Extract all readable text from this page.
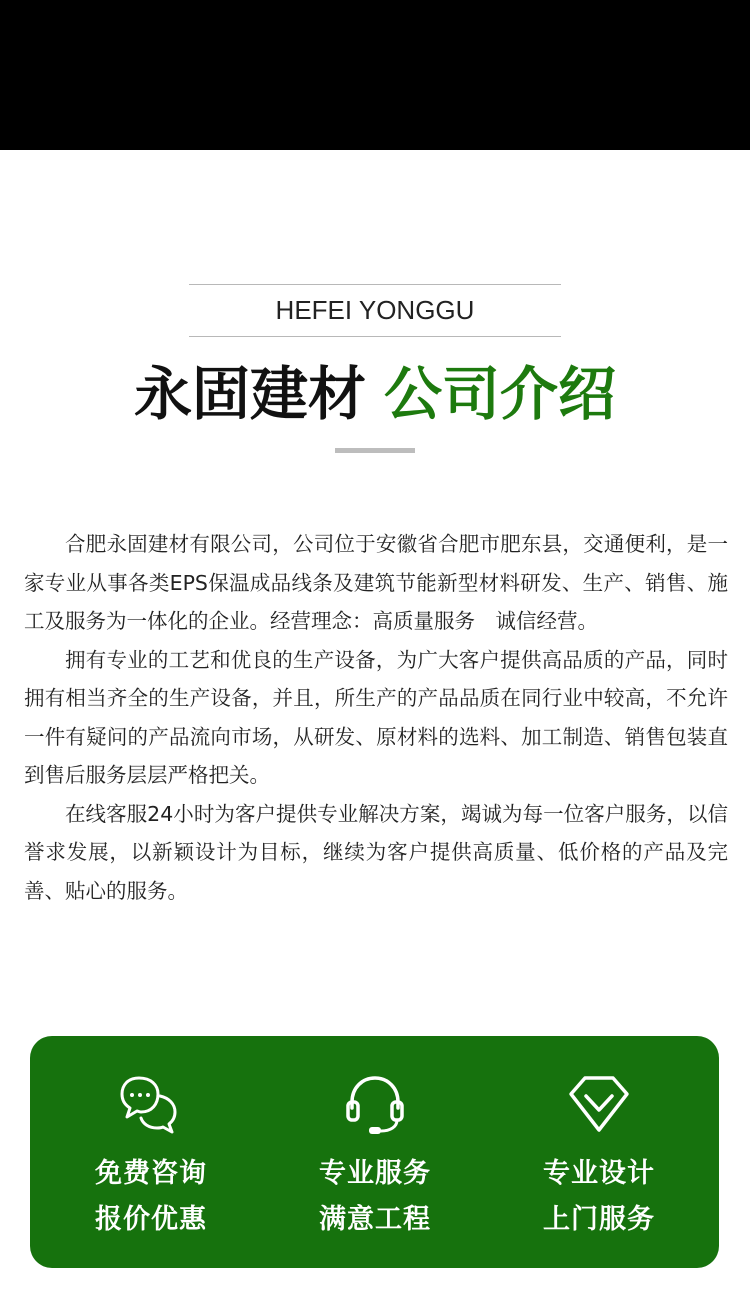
HEFEI YONGGU
永固建材 公司介绍

合肥永固建材有限公司，公司位于安徽省合肥市肥东县，交通便利，是一家专业从事各类EPS保温成品线条及建筑节能新型材料研发、生产、销售、施工及服务为一体化的企业。经营理念：高质量服务　诚信经营。

拥有专业的工艺和优良的生产设备，为广大客户提供高品质的产品，同时拥有相当齐全的生产设备，并且，所生产的产品品质在同行业中较高，不允许一件有疑问的产品流向市场，从研发、原材料的选料、加工制造、销售包装直到售后服务层层严格把关。

在线客服24小时为客户提供专业解决方案，竭诚为每一位客户服务，以信誉求发展，以新颖设计为目标，继续为客户提供高质量、低价格的产品及完善、贴心的服务。

免费咨询
报价优惠
专业服务
满意工程
专业设计
上门服务
